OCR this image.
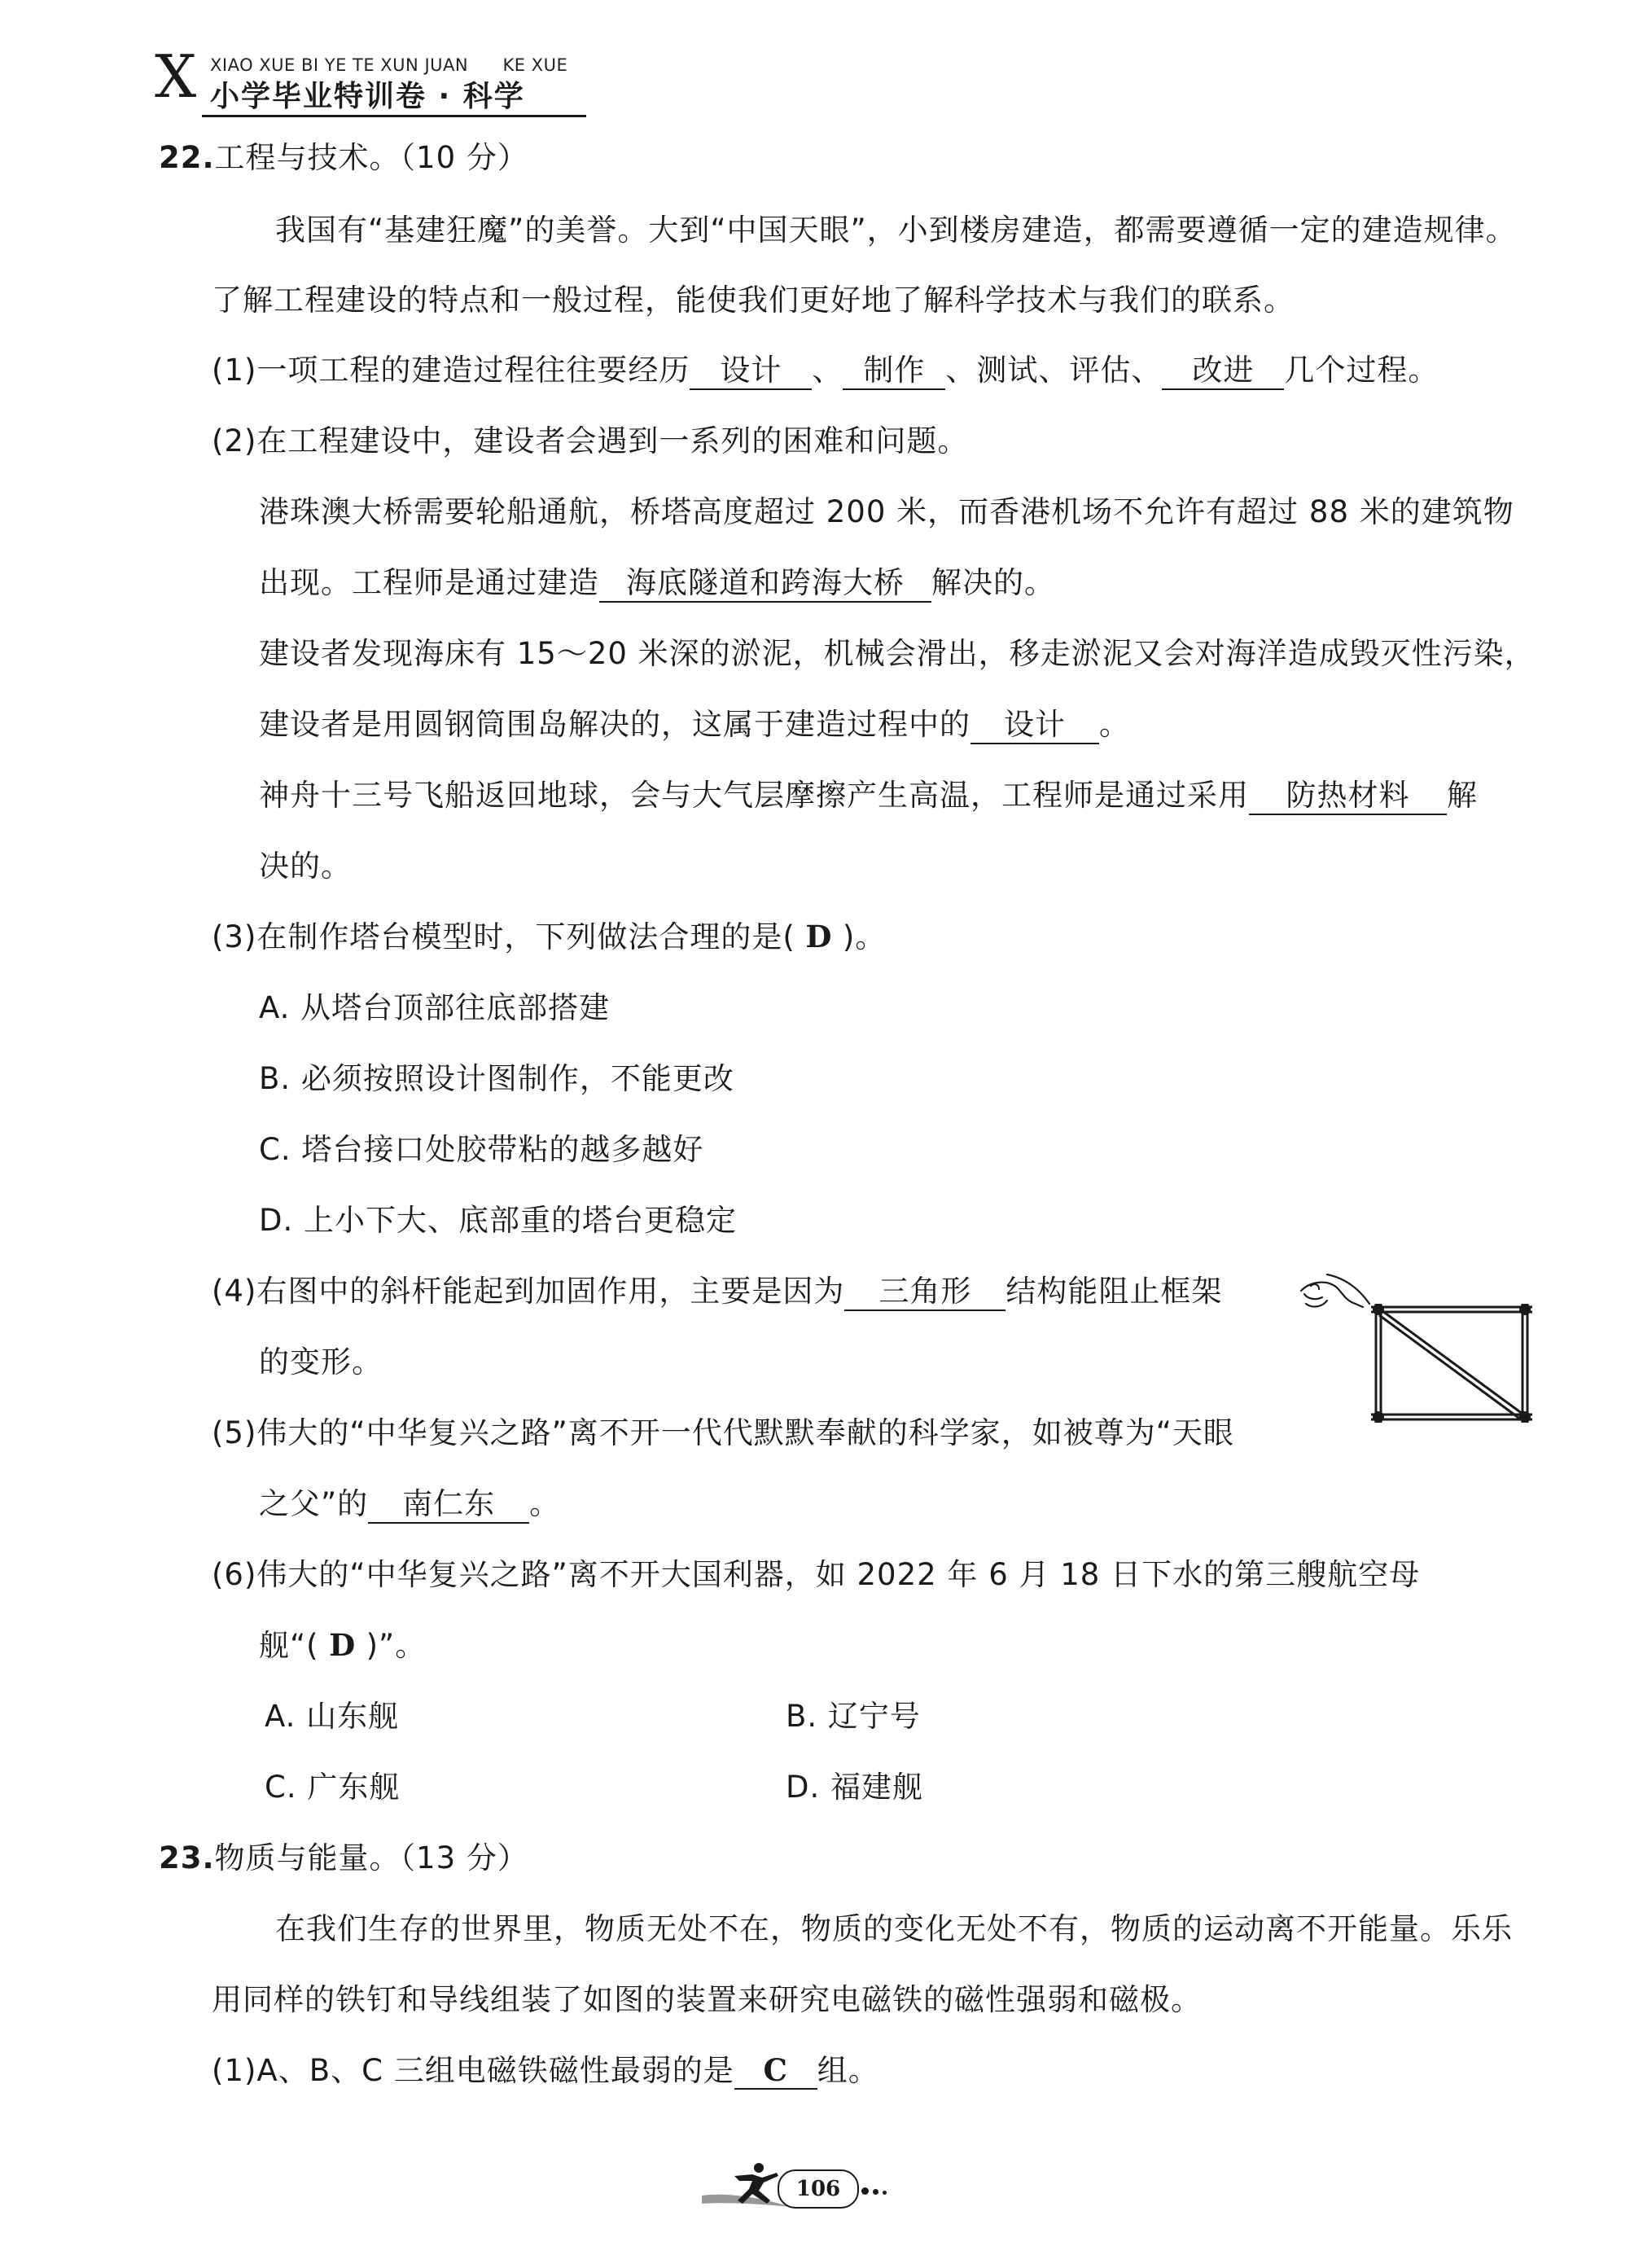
X XIAO XUE BI YE TE XUN JUAN KE XUE
小学毕业特训卷 · 科学
22.工程与技术。（10 分）
我国有“基建狂魔”的美誉。大到“中国天眼”，小到楼房建造，都需要遵循一定的建造规律。
了解工程建设的特点和一般过程，能使我们更好地了解科学技术与我们的联系。
(1)一项工程的建造过程往往要经历 设计 、 制作 、测试、评估、 改进 几个过程。
(2)在工程建设中，建设者会遇到一系列的困难和问题。
港珠澳大桥需要轮船通航，桥塔高度超过 200 米，而香港机场不允许有超过 88 米的建筑物
出现。工程师是通过建造 海底隧道和跨海大桥 解决的。
建设者发现海床有 15～20 米深的淤泥，机械会滑出，移走淤泥又会对海洋造成毁灭性污染，
建设者是用圆钢筒围岛解决的，这属于建造过程中的 设计 。
神舟十三号飞船返回地球，会与大气层摩擦产生高温，工程师是通过采用 防热材料 解
决的。
(3)在制作塔台模型时，下列做法合理的是( D )。
A. 从塔台顶部往底部搭建
B. 必须按照设计图制作，不能更改
C. 塔台接口处胶带粘的越多越好
D. 上小下大、底部重的塔台更稳定
(4)右图中的斜杆能起到加固作用，主要是因为 三角形 结构能阻止框架
的变形。
(5)伟大的“中华复兴之路”离不开一代代默默奉献的科学家，如被尊为“天眼
之父”的 南仁东 。
(6)伟大的“中华复兴之路”离不开大国利器，如 2022 年 6 月 18 日下水的第三艘航空母
舰“( D )”。
A. 山东舰	B. 辽宁号
C. 广东舰	D. 福建舰
23.物质与能量。（13 分）
在我们生存的世界里，物质无处不在，物质的变化无处不有，物质的运动离不开能量。乐乐
用同样的铁钉和导线组装了如图的装置来研究电磁铁的磁性强弱和磁极。
(1)A、B、C 三组电磁铁磁性最弱的是 C 组。
106
